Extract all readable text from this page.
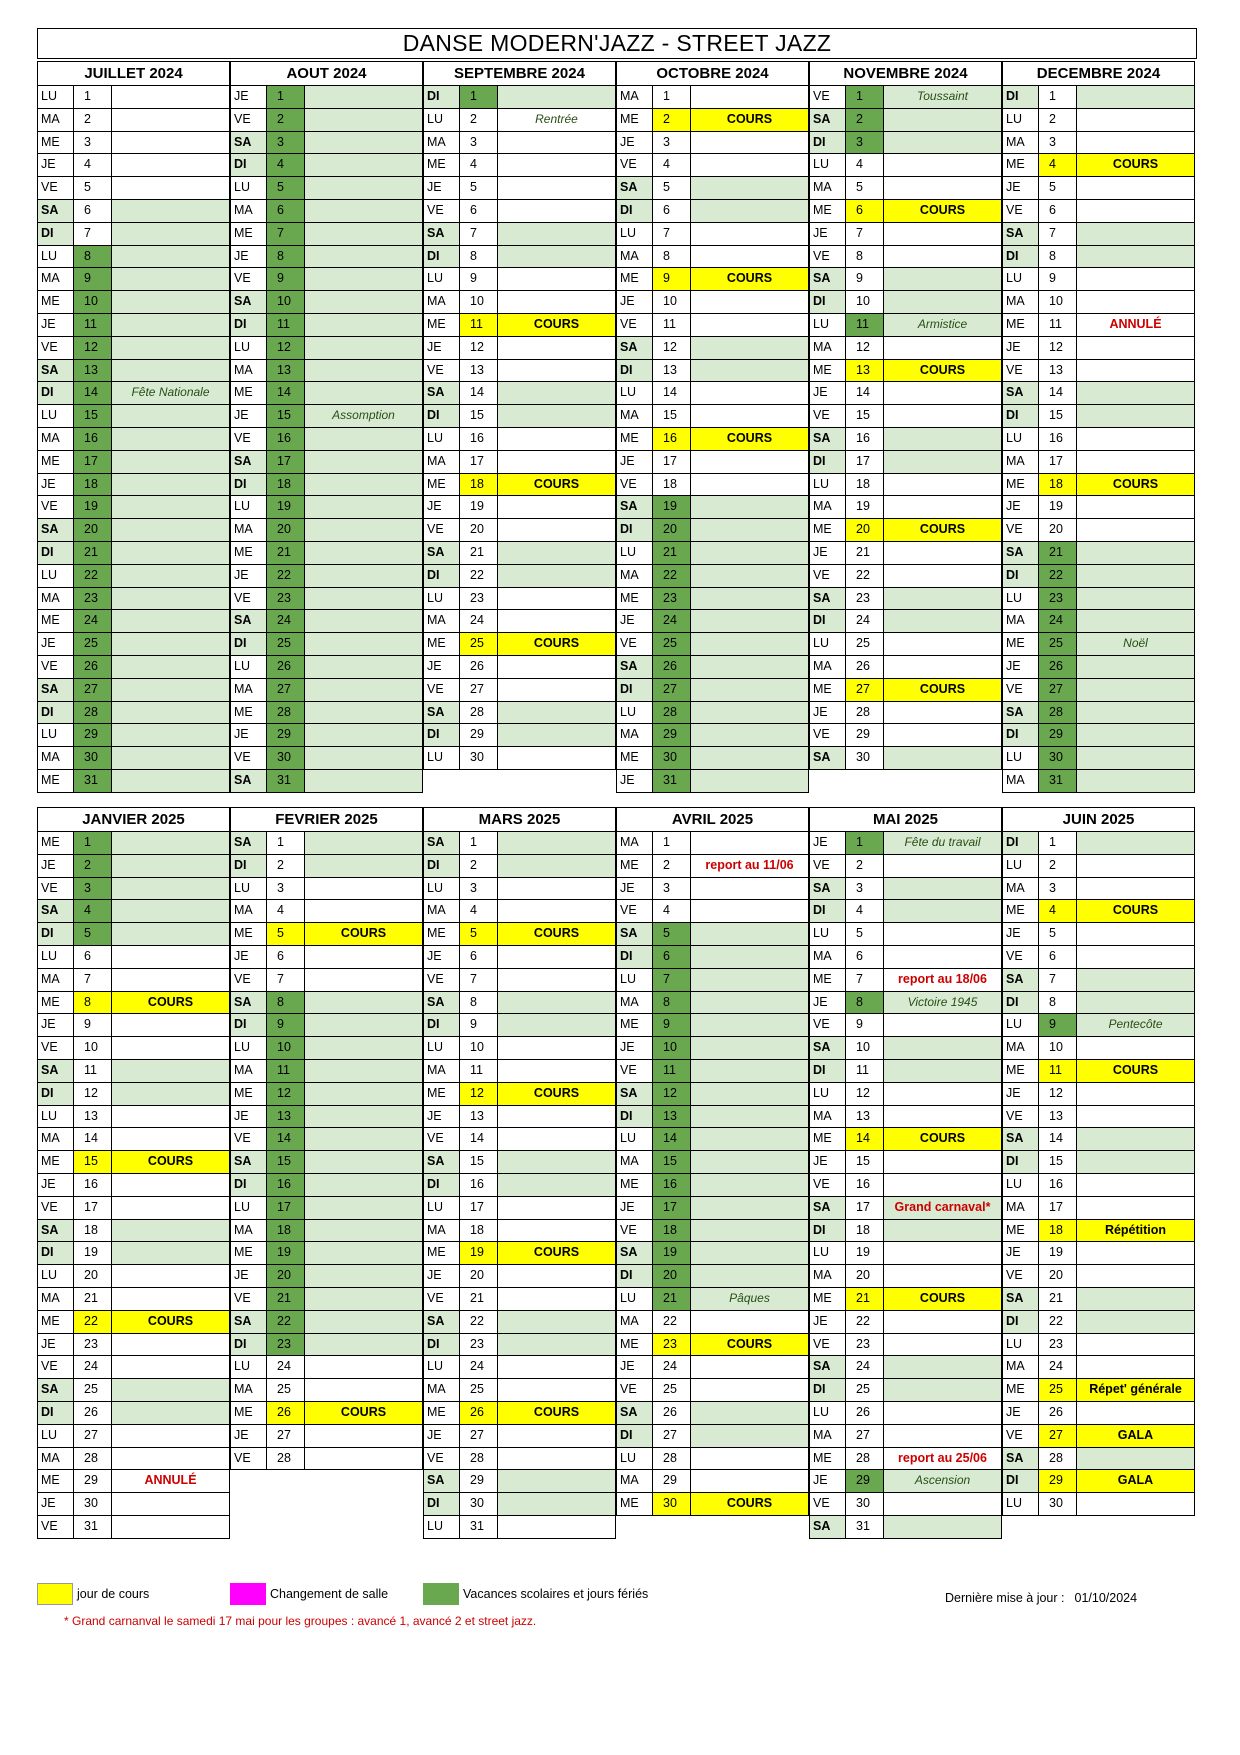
DANSE MODERN'JAZZ - STREET JAZZ
JUILLET 2024
LU	1
MA	2
ME	3
JE	4
VE	5
SA	6
DI	7
LU	8
MA	9
ME	10
JE	11
VE	12
SA	13
DI	14	Fête Nationale
LU	15
MA	16
ME	17
JE	18
VE	19
SA	20
DI	21
LU	22
MA	23
ME	24
JE	25
VE	26
SA	27
DI	28
LU	29
MA	30
ME	31
AOUT 2024
JE	1
VE	2
SA	3
DI	4
LU	5
MA	6
ME	7
JE	8
VE	9
SA	10
DI	11
LU	12
MA	13
ME	14
JE	15	Assomption
VE	16
SA	17
DI	18
LU	19
MA	20
ME	21
JE	22
VE	23
SA	24
DI	25
LU	26
MA	27
ME	28
JE	29
VE	30
SA	31
SEPTEMBRE 2024
DI	1
LU	2	Rentrée
MA	3
ME	4
JE	5
VE	6
SA	7
DI	8
LU	9
MA	10
ME	11	COURS
JE	12
VE	13
SA	14
DI	15
LU	16
MA	17
ME	18	COURS
JE	19
VE	20
SA	21
DI	22
LU	23
MA	24
ME	25	COURS
JE	26
VE	27
SA	28
DI	29
LU	30
OCTOBRE 2024
MA	1
ME	2	COURS
JE	3
VE	4
SA	5
DI	6
LU	7
MA	8
ME	9	COURS
JE	10
VE	11
SA	12
DI	13
LU	14
MA	15
ME	16	COURS
JE	17
VE	18
SA	19
DI	20
LU	21
MA	22
ME	23
JE	24
VE	25
SA	26
DI	27
LU	28
MA	29
ME	30
JE	31
NOVEMBRE 2024
VE	1	Toussaint
SA	2
DI	3
LU	4
MA	5
ME	6	COURS
JE	7
VE	8
SA	9
DI	10
LU	11	Armistice
MA	12
ME	13	COURS
JE	14
VE	15
SA	16
DI	17
LU	18
MA	19
ME	20	COURS
JE	21
VE	22
SA	23
DI	24
LU	25
MA	26
ME	27	COURS
JE	28
VE	29
SA	30
DECEMBRE 2024
DI	1
LU	2
MA	3
ME	4	COURS
JE	5
VE	6
SA	7
DI	8
LU	9
MA	10
ME	11	ANNULÉ
JE	12
VE	13
SA	14
DI	15
LU	16
MA	17
ME	18	COURS
JE	19
VE	20
SA	21
DI	22
LU	23
MA	24
ME	25	Noël
JE	26
VE	27
SA	28
DI	29
LU	30
MA	31
JANVIER 2025
ME	1
JE	2
VE	3
SA	4
DI	5
LU	6
MA	7
ME	8	COURS
JE	9
VE	10
SA	11
DI	12
LU	13
MA	14
ME	15	COURS
JE	16
VE	17
SA	18
DI	19
LU	20
MA	21
ME	22	COURS
JE	23
VE	24
SA	25
DI	26
LU	27
MA	28
ME	29	ANNULÉ
JE	30
VE	31
FEVRIER 2025
SA	1
DI	2
LU	3
MA	4
ME	5	COURS
JE	6
VE	7
SA	8
DI	9
LU	10
MA	11
ME	12
JE	13
VE	14
SA	15
DI	16
LU	17
MA	18
ME	19
JE	20
VE	21
SA	22
DI	23
LU	24
MA	25
ME	26	COURS
JE	27
VE	28
MARS 2025
SA	1
DI	2
LU	3
MA	4
ME	5	COURS
JE	6
VE	7
SA	8
DI	9
LU	10
MA	11
ME	12	COURS
JE	13
VE	14
SA	15
DI	16
LU	17
MA	18
ME	19	COURS
JE	20
VE	21
SA	22
DI	23
LU	24
MA	25
ME	26	COURS
JE	27
VE	28
SA	29
DI	30
LU	31
AVRIL 2025
MA	1
ME	2	report au 11/06
JE	3
VE	4
SA	5
DI	6
LU	7
MA	8
ME	9
JE	10
VE	11
SA	12
DI	13
LU	14
MA	15
ME	16
JE	17
VE	18
SA	19
DI	20
LU	21	Pâques
MA	22
ME	23	COURS
JE	24
VE	25
SA	26
DI	27
LU	28
MA	29
ME	30	COURS
MAI 2025
JE	1	Fête du travail
VE	2
SA	3
DI	4
LU	5
MA	6
ME	7	report au 18/06
JE	8	Victoire 1945
VE	9
SA	10
DI	11
LU	12
MA	13
ME	14	COURS
JE	15
VE	16
SA	17	Grand carnaval*
DI	18
LU	19
MA	20
ME	21	COURS
JE	22
VE	23
SA	24
DI	25
LU	26
MA	27
ME	28	report au 25/06
JE	29	Ascension
VE	30
SA	31
JUIN 2025
DI	1
LU	2
MA	3
ME	4	COURS
JE	5
VE	6
SA	7
DI	8
LU	9	Pentecôte
MA	10
ME	11	COURS
JE	12
VE	13
SA	14
DI	15
LU	16
MA	17
ME	18	Répétition
JE	19
VE	20
SA	21
DI	22
LU	23
MA	24
ME	25	Répet' générale
JE	26
VE	27	GALA
SA	28
DI	29	GALA
LU	30
jour de cours	Changement de salle	Vacances scolaires et jours fériés	Dernière mise à jour : 01/10/2024
* Grand carnanval le samedi 17 mai pour les groupes : avancé 1, avancé 2 et street jazz.
